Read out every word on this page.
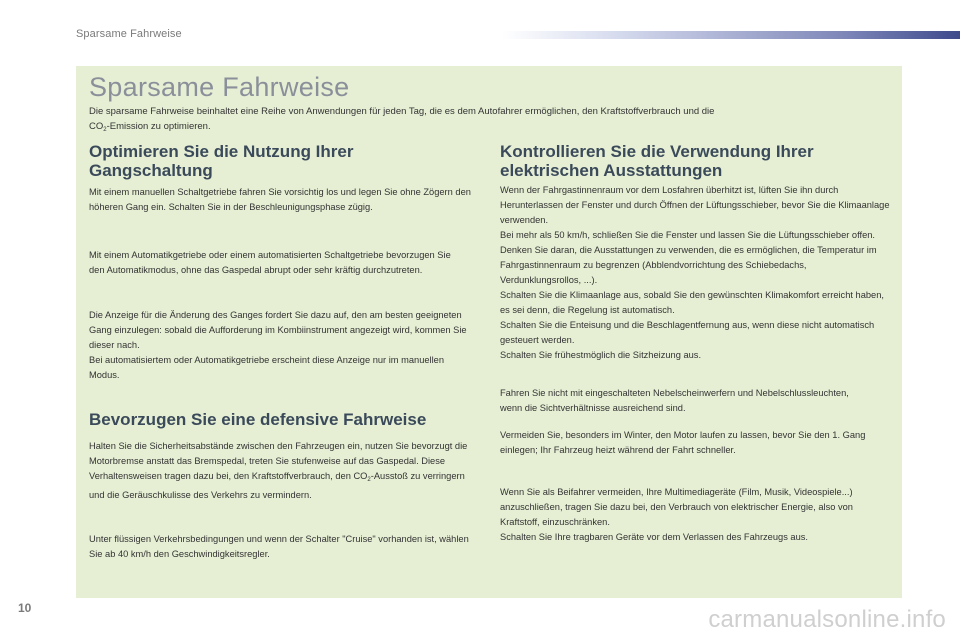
Sparsame Fahrweise
Sparsame Fahrweise
Die sparsame Fahrweise beinhaltet eine Reihe von Anwendungen für jeden Tag, die es dem Autofahrer ermöglichen, den Kraftstoffverbrauch und die
$CO_2$-Emission zu optimieren.
Optimieren Sie die Nutzung Ihrer Gangschaltung

Mit einem manuellen Schaltgetriebe fahren Sie vorsichtig los und legen Sie ohne Zögern den höheren Gang ein. Schalten Sie in der Beschleunigungsphase zügig.

Mit einem Automatikgetriebe oder einem automatisierten Schaltgetriebe bevorzugen Sie den Automatikmodus, ohne das Gaspedal abrupt oder sehr kräftig durchzutreten.

Die Anzeige für die Änderung des Ganges fordert Sie dazu auf, den am besten geeigneten Gang einzulegen: sobald die Aufforderung im Kombiinstrument angezeigt wird, kommen Sie dieser nach.
Bei automatisiertem oder Automatikgetriebe erscheint diese Anzeige nur im manuellen Modus.
Bevorzugen Sie eine defensive Fahrweise

Halten Sie die Sicherheitsabstände zwischen den Fahrzeugen ein, nutzen Sie bevorzugt die Motorbremse anstatt das Bremspedal, treten Sie stufenweise auf das Gaspedal. Diese Verhaltensweisen tragen dazu bei, den Kraftstoffverbrauch, den $CO_2$-Ausstoß zu verringern und die Geräuschkulisse des Verkehrs zu vermindern.

Unter flüssigen Verkehrsbedingungen und wenn der Schalter "Cruise" vorhanden ist, wählen Sie ab 40 km/h den Geschwindigkeitsregler.

Kontrollieren Sie die Verwendung Ihrer elektrischen Ausstattungen
Wenn der Fahrgastinnenraum vor dem Losfahren überhitzt ist, lüften Sie ihn durch Herunterlassen der Fenster und durch Öffnen der Lüftungsschieber, bevor Sie die Klimaanlage verwenden.
Bei mehr als 50 km/h, schließen Sie die Fenster und lassen Sie die Lüftungsschieber offen.
Denken Sie daran, die Ausstattungen zu verwenden, die es ermöglichen, die Temperatur im Fahrgastinnenraum zu begrenzen (Abblendvorrichtung des Schiebedachs, Verdunklungsrollos, ...).
Schalten Sie die Klimaanlage aus, sobald Sie den gewünschten Klimakomfort erreicht haben, es sei denn, die Regelung ist automatisch.
Schalten Sie die Enteisung und die Beschlagentfernung aus, wenn diese nicht automatisch gesteuert werden.
Schalten Sie frühestmöglich die Sitzheizung aus.

Fahren Sie nicht mit eingeschalteten Nebelscheinwerfern und Nebelschlussleuchten, wenn die Sichtverhältnisse ausreichend sind.

Vermeiden Sie, besonders im Winter, den Motor laufen zu lassen, bevor Sie den 1. Gang einlegen; Ihr Fahrzeug heizt während der Fahrt schneller.

Wenn Sie als Beifahrer vermeiden, Ihre Multimediageräte (Film, Musik, Videospiele...) anzuschließen, tragen Sie dazu bei, den Verbrauch von elektrischer Energie, also von Kraftstoff, einzuschränken.
Schalten Sie Ihre tragbaren Geräte vor dem Verlassen des Fahrzeugs aus.
10	carmanualsonline.info
